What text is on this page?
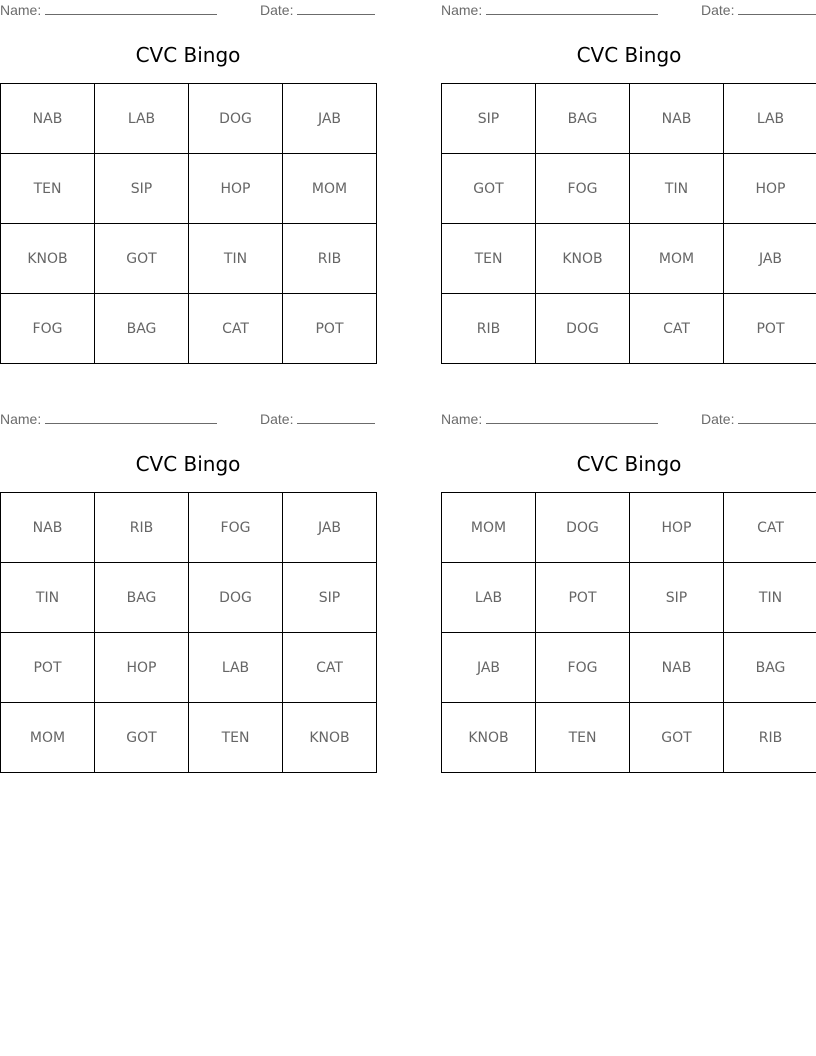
Name:	Date:
CVC Bingo
NAB	LAB	DOG	JAB
TEN	SIP	HOP	MOM
KNOB	GOT	TIN	RIB
FOG	BAG	CAT	POT
Name:	Date:
CVC Bingo
SIP	BAG	NAB	LAB
GOT	FOG	TIN	HOP
TEN	KNOB	MOM	JAB
RIB	DOG	CAT	POT
Name:	Date:
CVC Bingo
NAB	RIB	FOG	JAB
TIN	BAG	DOG	SIP
POT	HOP	LAB	CAT
MOM	GOT	TEN	KNOB
Name:	Date:
CVC Bingo
MOM	DOG	HOP	CAT
LAB	POT	SIP	TIN
JAB	FOG	NAB	BAG
KNOB	TEN	GOT	RIB
